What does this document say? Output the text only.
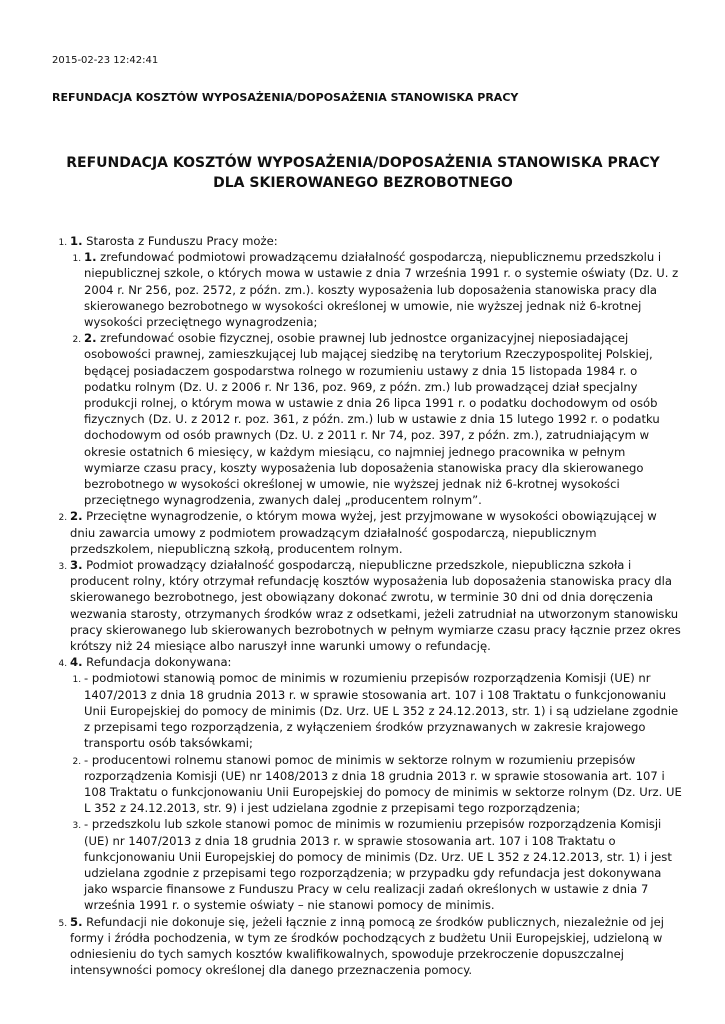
2015-02-23 12:42:41
REFUNDACJA KOSZTÓW WYPOSAŻENIA/DOPOSAŻENIA STANOWISKA PRACY
REFUNDACJA KOSZTÓW WYPOSAŻENIA/DOPOSAŻENIA STANOWISKA PRACY DLA SKIEROWANEGO BEZROBOTNEGO
1. 1. Starosta z Funduszu Pracy może:
1. 1. zrefundować podmiotowi prowadzącemu działalność gospodarczą, niepublicznemu przedszkolu i niepublicznej szkole, o których mowa w ustawie z dnia 7 września 1991 r. o systemie oświaty (Dz. U. z 2004 r. Nr 256, poz. 2572, z późn. zm.). koszty wyposażenia lub doposażenia stanowiska pracy dla skierowanego bezrobotnego w wysokości określonej w umowie, nie wyższej jednak niż 6-krotnej wysokości przeciętnego wynagrodzenia;
2. 2. zrefundować osobie fizycznej, osobie prawnej lub jednostce organizacyjnej nieposiadającej osobowości prawnej, zamieszkującej lub mającej siedzibę na terytorium Rzeczypospolitej Polskiej, będącej posiadaczem gospodarstwa rolnego w rozumieniu ustawy z dnia 15 listopada 1984 r. o podatku rolnym (Dz. U. z 2006 r. Nr 136, poz. 969, z późn. zm.) lub prowadzącej dział specjalny produkcji rolnej, o którym mowa w ustawie z dnia 26 lipca 1991 r. o podatku dochodowym od osób fizycznych (Dz. U. z 2012 r. poz. 361, z późn. zm.) lub w ustawie z dnia 15 lutego 1992 r. o podatku dochodowym od osób prawnych (Dz. U. z 2011 r. Nr 74, poz. 397, z późn. zm.), zatrudniającym w okresie ostatnich 6 miesięcy, w każdym miesiącu, co najmniej jednego pracownika w pełnym wymiarze czasu pracy, koszty wyposażenia lub doposażenia stanowiska pracy dla skierowanego bezrobotnego w wysokości określonej w umowie, nie wyższej jednak niż 6-krotnej wysokości przeciętnego wynagrodzenia, zwanych dalej „producentem rolnym”.
2. 2. Przeciętne wynagrodzenie, o którym mowa wyżej, jest przyjmowane w wysokości obowiązującej w dniu zawarcia umowy z podmiotem prowadzącym działalność gospodarczą, niepublicznym przedszkolem, niepubliczną szkołą, producentem rolnym.
3. 3. Podmiot prowadzący działalność gospodarczą, niepubliczne przedszkole, niepubliczna szkoła i producent rolny, który otrzymał refundację kosztów wyposażenia lub doposażenia stanowiska pracy dla skierowanego bezrobotnego, jest obowiązany dokonać zwrotu, w terminie 30 dni od dnia doręczenia wezwania starosty, otrzymanych środków wraz z odsetkami, jeżeli zatrudniał na utworzonym stanowisku pracy skierowanego lub skierowanych bezrobotnych w pełnym wymiarze czasu pracy łącznie przez okres krótszy niż 24 miesiące albo naruszył inne warunki umowy o refundację.
4. 4. Refundacja dokonywana:
1. - podmiotowi stanowią pomoc de minimis w rozumieniu przepisów rozporządzenia Komisji (UE) nr 1407/2013 z dnia 18 grudnia 2013 r. w sprawie stosowania art. 107 i 108 Traktatu o funkcjonowaniu Unii Europejskiej do pomocy de minimis (Dz. Urz. UE L 352 z 24.12.2013, str. 1) i są udzielane zgodnie z przepisami tego rozporządzenia, z wyłączeniem środków przyznawanych w zakresie krajowego transportu osób taksówkami;
2. - producentowi rolnemu stanowi pomoc de minimis w sektorze rolnym w rozumieniu przepisów rozporządzenia Komisji (UE) nr 1408/2013 z dnia 18 grudnia 2013 r. w sprawie stosowania art. 107 i 108 Traktatu o funkcjonowaniu Unii Europejskiej do pomocy de minimis w sektorze rolnym (Dz. Urz. UE L 352 z 24.12.2013, str. 9) i jest udzielana zgodnie z przepisami tego rozporządzenia;
3. - przedszkolu lub szkole stanowi pomoc de minimis w rozumieniu przepisów rozporządzenia Komisji (UE) nr 1407/2013 z dnia 18 grudnia 2013 r. w sprawie stosowania art. 107 i 108 Traktatu o funkcjonowaniu Unii Europejskiej do pomocy de minimis (Dz. Urz. UE L 352 z 24.12.2013, str. 1) i jest udzielana zgodnie z przepisami tego rozporządzenia; w przypadku gdy refundacja jest dokonywana jako wsparcie finansowe z Funduszu Pracy w celu realizacji zadań określonych w ustawie z dnia 7 września 1991 r. o systemie oświaty – nie stanowi pomocy de minimis.
5. 5. Refundacji nie dokonuje się, jeżeli łącznie z inną pomocą ze środków publicznych, niezależnie od jej formy i źródła pochodzenia, w tym ze środków pochodzących z budżetu Unii Europejskiej, udzieloną w odniesieniu do tych samych kosztów kwalifikowalnych, spowoduje przekroczenie dopuszczalnej intensywności pomocy określonej dla danego przeznaczenia pomocy.
